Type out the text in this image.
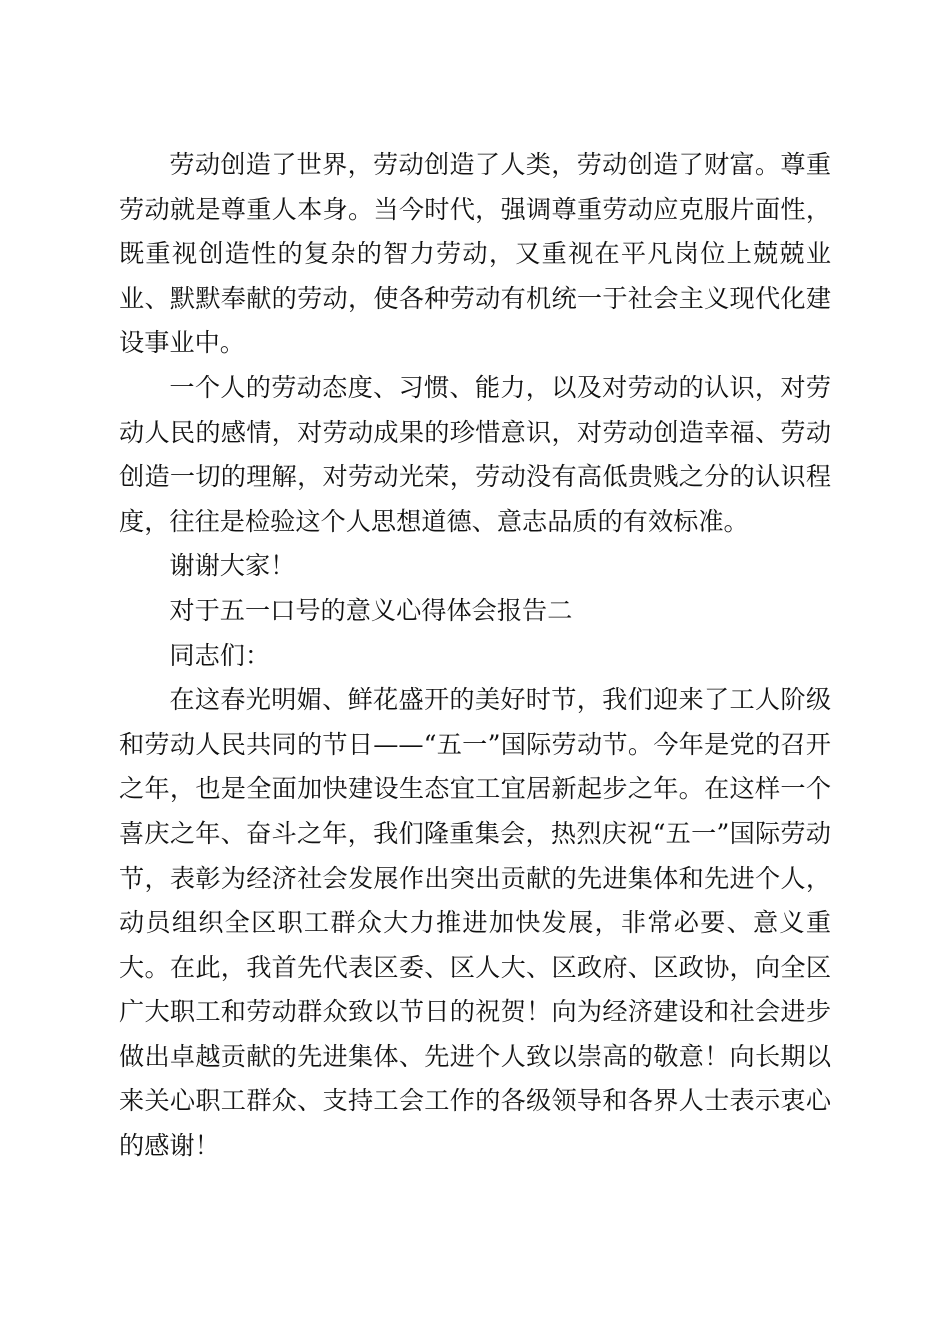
劳动创造了世界，劳动创造了人类，劳动创造了财富。尊重劳动就是尊重人本身。当今时代，强调尊重劳动应克服片面性，既重视创造性的复杂的智力劳动，又重视在平凡岗位上兢兢业业、默默奉献的劳动，使各种劳动有机统一于社会主义现代化建设事业中。

一个人的劳动态度、习惯、能力，以及对劳动的认识，对劳动人民的感情，对劳动成果的珍惜意识，对劳动创造幸福、劳动创造一切的理解，对劳动光荣，劳动没有高低贵贱之分的认识程度，往往是检验这个人思想道德、意志品质的有效标准。

谢谢大家！

对于五一口号的意义心得体会报告二

同志们：

在这春光明媚、鲜花盛开的美好时节，我们迎来了工人阶级和劳动人民共同的节日——“五一”国际劳动节。今年是党的召开之年，也是全面加快建设生态宜工宜居新起步之年。在这样一个喜庆之年、奋斗之年，我们隆重集会，热烈庆祝“五一”国际劳动节，表彰为经济社会发展作出突出贡献的先进集体和先进个人，动员组织全区职工群众大力推进加快发展，非常必要、意义重大。在此，我首先代表区委、区人大、区政府、区政协，向全区广大职工和劳动群众致以节日的祝贺！向为经济建设和社会进步做出卓越贡献的先进集体、先进个人致以崇高的敬意！向长期以来关心职工群众、支持工会工作的各级领导和各界人士表示衷心的感谢！
